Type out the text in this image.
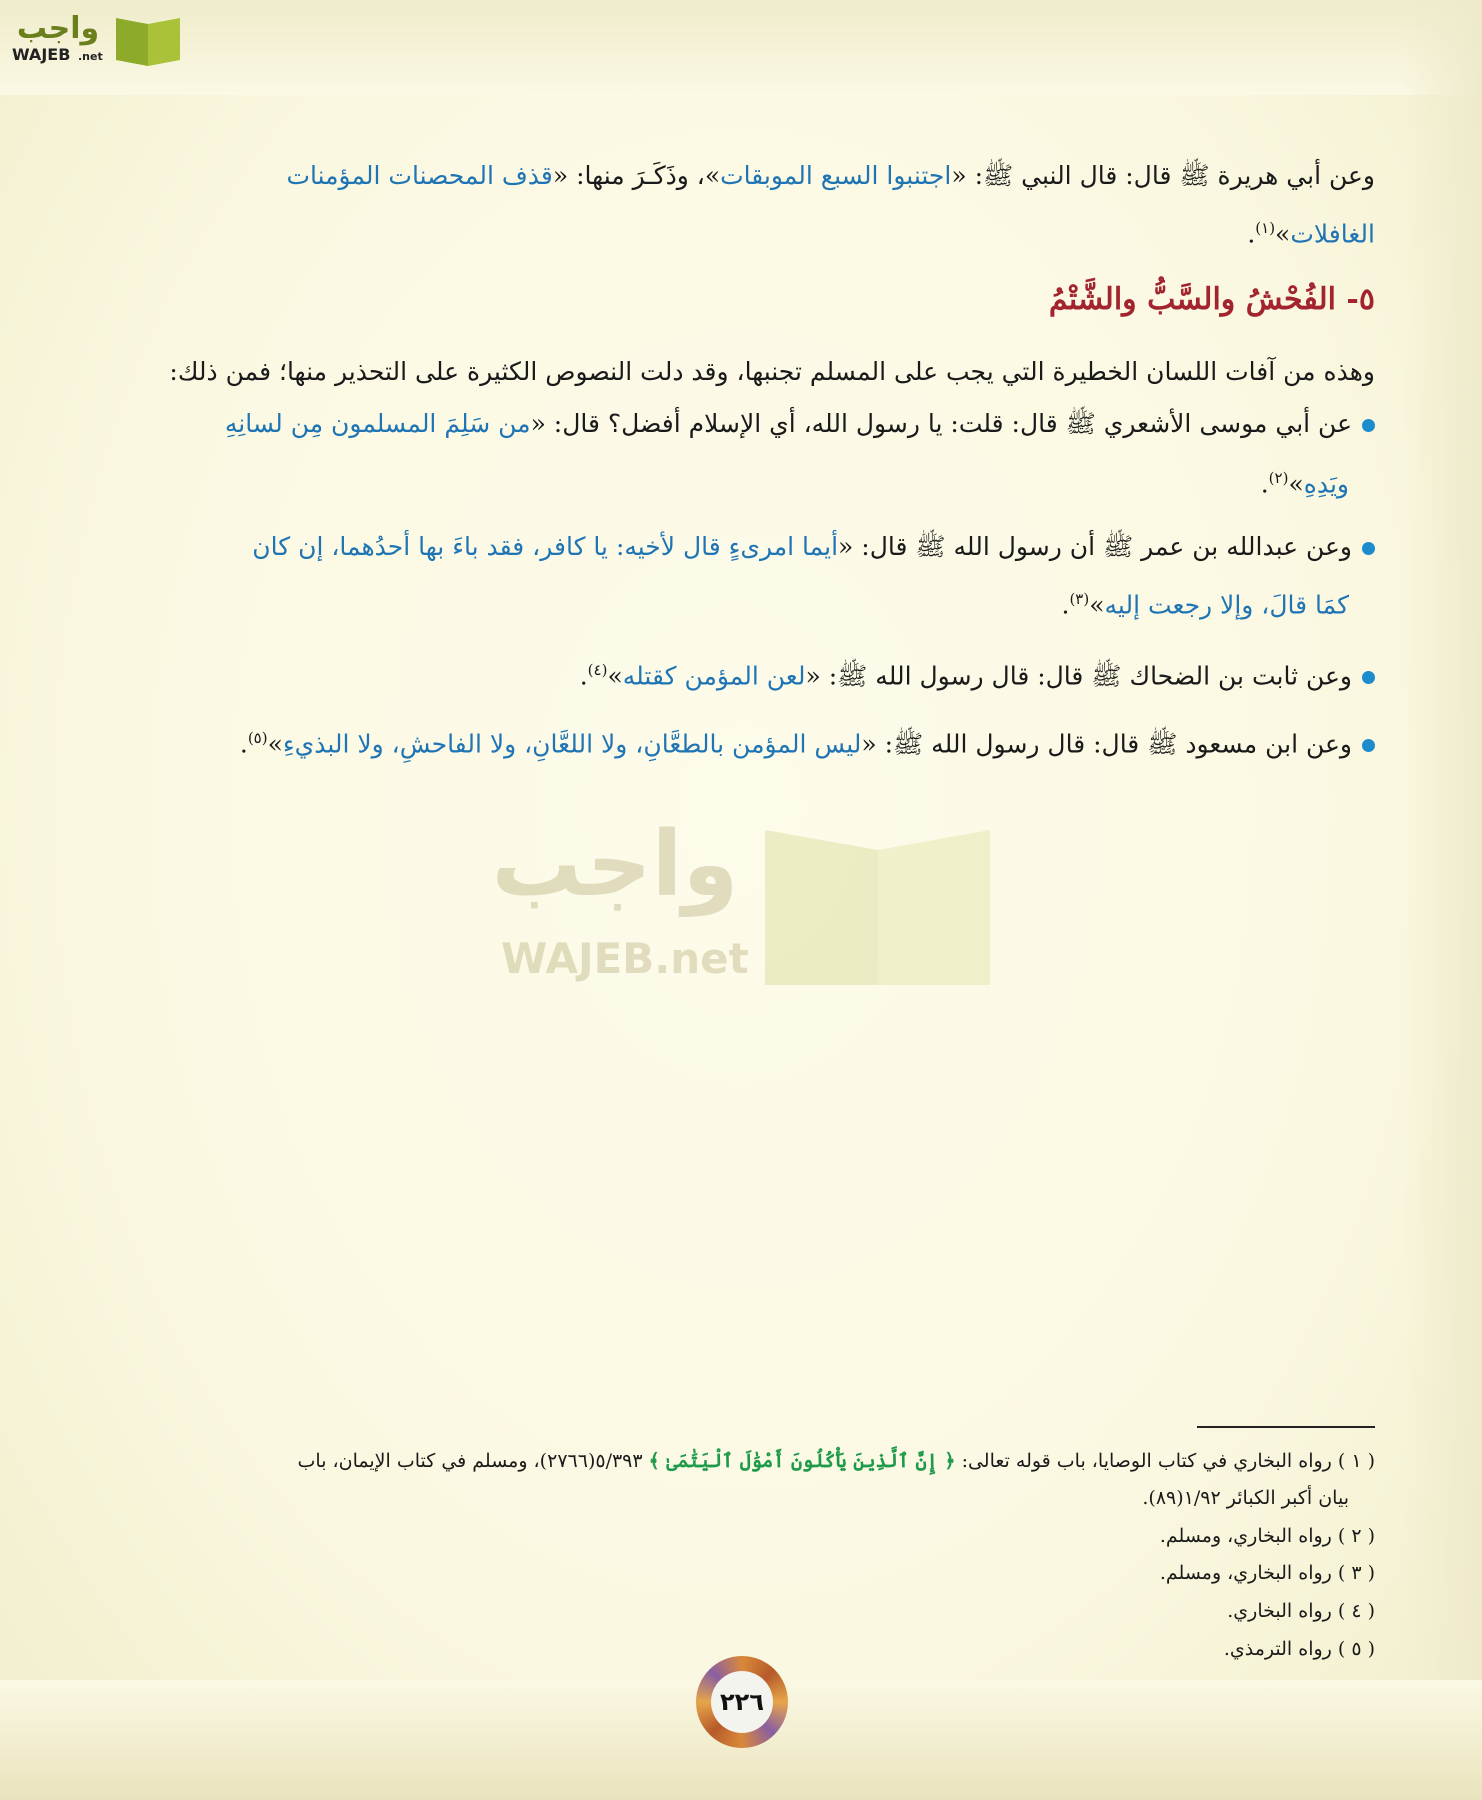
واجب
WAJEB .net
وعن أبي هريرة ﷺ قال: قال النبي ﷺ: «اجتنبوا السبع الموبقات»، وذَكَـرَ منها: «قذف المحصنات المؤمنات
الغافلات»$^{(١)}$.
٥- الفُحْشُ والسَّبُّ والشَّتْمُ
وهذه من آفات اللسان الخطيرة التي يجب على المسلم تجنبها، وقد دلت النصوص الكثيرة على التحذير منها؛ فمن ذلك:
عن أبي موسى الأشعري ﷺ قال: قلت: يا رسول الله، أي الإسلام أفضل؟ قال: «من سَلِمَ المسلمون مِن لسانِهِ
ويَدِهِ»$^{(٢)}$.
وعن عبدالله بن عمر ﷺ أن رسول الله ﷺ قال: «أيما امرىءٍ قال لأخيه: يا كافر، فقد باءَ بها أحدُهما، إن كان
كمَا قالَ، وإلا رجعت إليه»$^{(٣)}$.
وعن ثابت بن الضحاك ﷺ قال: قال رسول الله ﷺ: «لعن المؤمن كقتله»$^{(٤)}$.
وعن ابن مسعود ﷺ قال: قال رسول الله ﷺ: «ليس المؤمن بالطعَّانِ، ولا اللعَّانِ، ولا الفاحشِ، ولا البذيءِ»$^{(٥)}$.
واجب
WAJEB.net
( ١ ) رواه البخاري في كتاب الوصايا، باب قوله تعالى: ﴿ إِنَّ ٱلَّذِينَ يَأْكُلُونَ أَمْوَٰلَ ٱلْيَتَٰمَىٰ ﴾ ٥/٣٩٣(٢٧٦٦)، ومسلم في كتاب الإيمان، باب
بيان أكبر الكبائر ١/٩٢(٨٩).
( ٢ ) رواه البخاري، ومسلم.
( ٣ ) رواه البخاري، ومسلم.
( ٤ ) رواه البخاري.
( ٥ ) رواه الترمذي.
٢٢٦
